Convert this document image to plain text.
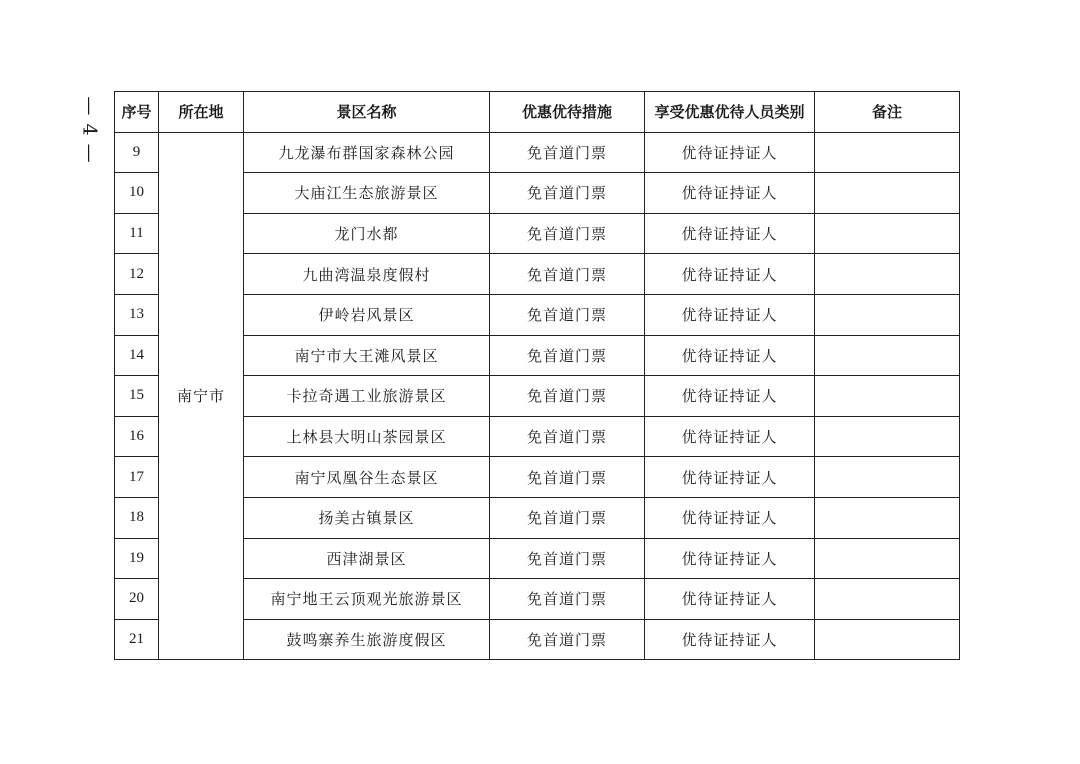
— 4 — 序号	所在地	景区名称	优惠优待措施	享受优惠优待人员类别	备注
9	南宁市	九龙瀑布群国家森林公园	免首道门票	优待证持证人	
10		大庙江生态旅游景区	免首道门票	优待证持证人	
11		龙门水都	免首道门票	优待证持证人	
12		九曲湾温泉度假村	免首道门票	优待证持证人	
13		伊岭岩风景区	免首道门票	优待证持证人	
14		南宁市大王滩风景区	免首道门票	优待证持证人	
15		卡拉奇遇工业旅游景区	免首道门票	优待证持证人	
16		上林县大明山茶园景区	免首道门票	优待证持证人	
17		南宁凤凰谷生态景区	免首道门票	优待证持证人	
18		扬美古镇景区	免首道门票	优待证持证人	
19		西津湖景区	免首道门票	优待证持证人	
20		南宁地王云顶观光旅游景区	免首道门票	优待证持证人	
21		鼓鸣寨养生旅游度假区	免首道门票	优待证持证人	
